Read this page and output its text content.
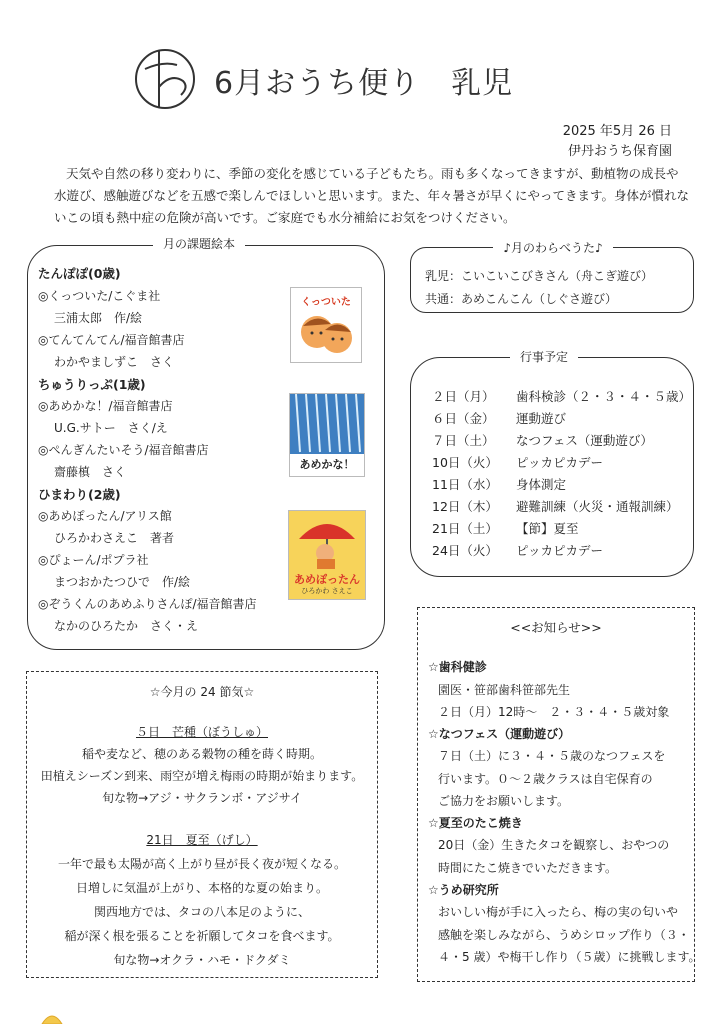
6月おうち便り　乳児
2025 年5月 26 日
伊丹おうち保育園
天気や自然の移り変わりに、季節の変化を感じている子どもたち。雨も多くなってきますが、動植物の成長や水遊び、感触遊びなどを五感で楽しんでほしいと思います。また、年々暑さが早くにやってきます。身体が慣れないこの頃も熱中症の危険が高いです。ご家庭でも水分補給にお気をつけください。
月の課題絵本
たんぽぽ(0歳)
◎くっついた/こぐま社
三浦太郎　作/絵
◎てんてんてん/福音館書店
わかやましずこ　さく
ちゅうりっぷ(1歳)
◎あめかな！/福音館書店
U.G.サトー　さく/え
◎ぺんぎんたいそう/福音館書店
齋藤槙　さく
ひまわり(2歳)
◎あめぽったん/アリス館
ひろかわさえこ　著者
◎ぴょーん/ポプラ社
まつおかたつひで　作/絵
◎ぞうくんのあめふりさんぽ/福音館書店
なかのひろたか　さく・え
くっついた
あめかな！
あめぽったん
ひろかわ さえこ
♪月のわらべうた♪
乳児：こいこいこびきさん（舟こぎ遊び）
共通：あめこんこん（しぐさ遊び）
行事予定
２日（月） 歯科検診（２・３・４・５歳）
６日（金） 運動遊び
７日（土） なつフェス（運動遊び）
10日（火） ピッカピカデー
11日（水） 身体測定
12日（木） 避難訓練（火災・通報訓練）
21日（土） 【節】夏至
24日（火） ピッカピカデー
☆今月の 24 節気☆
５日　芒種（ぼうしゅ）
稲や麦など、穂のある穀物の種を蒔く時期。
田植えシーズン到来、雨空が増え梅雨の時期が始まります。
旬な物→アジ・サクランボ・アジサイ
21日　夏至（げし）
一年で最も太陽が高く上がり昼が長く夜が短くなる。
日増しに気温が上がり、本格的な夏の始まり。
関西地方では、タコの八本足のように、
稲が深く根を張ることを祈願してタコを食べます。
旬な物→オクラ・ハモ・ドクダミ
<<お知らせ>>
☆歯科健診
園医・笹部歯科笹部先生
２日（月）12時～　２・３・４・５歳対象
☆なつフェス（運動遊び）
７日（土）に３・４・５歳のなつフェスを
行います。０～２歳クラスは自宅保育の
ご協力をお願いします。
☆夏至のたこ焼き
20日（金）生きたタコを観察し、おやつの
時間にたこ焼きでいただきます。
☆うめ研究所
おいしい梅が手に入ったら、梅の実の匂いや
感触を楽しみながら、うめシロップ作り（３・
４・5 歳）や梅干し作り（５歳）に挑戦します。
